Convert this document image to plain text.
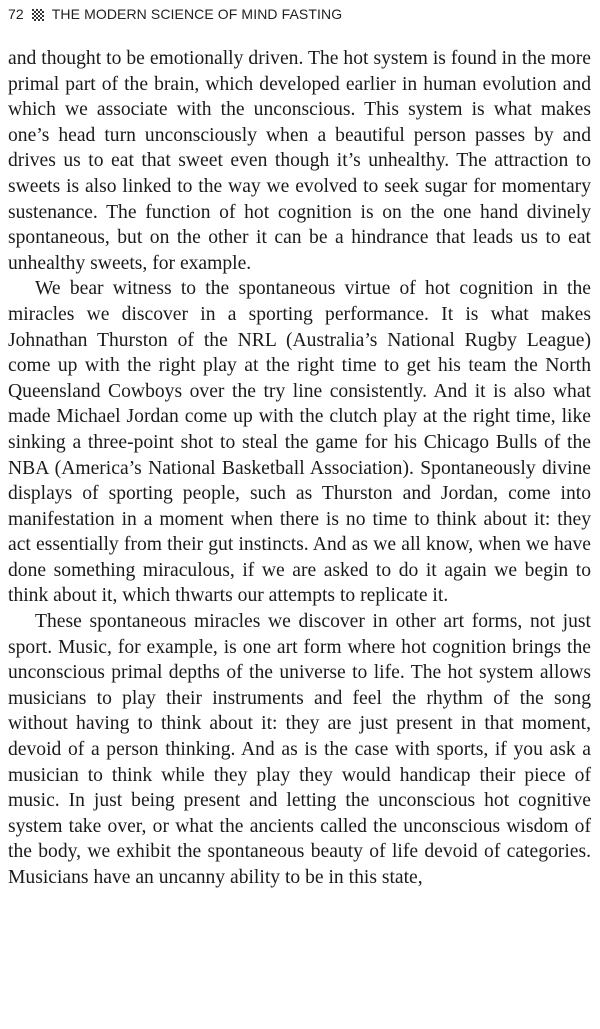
72 THE MODERN SCIENCE OF MIND FASTING

and thought to be emotionally driven. The hot system is found in the more primal part of the brain, which developed earlier in human evolution and which we associate with the unconscious. This system is what makes one’s head turn unconsciously when a beautiful person passes by and drives us to eat that sweet even though it’s unhealthy. The attraction to sweets is also linked to the way we evolved to seek sugar for momentary sustenance. The function of hot cognition is on the one hand divinely spontaneous, but on the other it can be a hindrance that leads us to eat unhealthy sweets, for example.

We bear witness to the spontaneous virtue of hot cognition in the miracles we discover in a sporting performance. It is what makes Johnathan Thurston of the NRL (Australia’s National Rugby League) come up with the right play at the right time to get his team the North Queensland Cowboys over the try line consistently. And it is also what made Michael Jordan come up with the clutch play at the right time, like sinking a three-point shot to steal the game for his Chicago Bulls of the NBA (America’s National Basketball Association). Spontaneously divine displays of sporting people, such as Thurston and Jordan, come into manifestation in a moment when there is no time to think about it: they act essentially from their gut instincts. And as we all know, when we have done something miraculous, if we are asked to do it again we begin to think about it, which thwarts our attempts to replicate it.

These spontaneous miracles we discover in other art forms, not just sport. Music, for example, is one art form where hot cognition brings the unconscious primal depths of the universe to life. The hot system allows musicians to play their instruments and feel the rhythm of the song without having to think about it: they are just present in that moment, devoid of a person thinking. And as is the case with sports, if you ask a musician to think while they play they would handicap their piece of music. In just being present and letting the unconscious hot cognitive system take over, or what the ancients called the unconscious wisdom of the body, we exhibit the spontaneous beauty of life devoid of categories. Musicians have an uncanny ability to be in this state,
